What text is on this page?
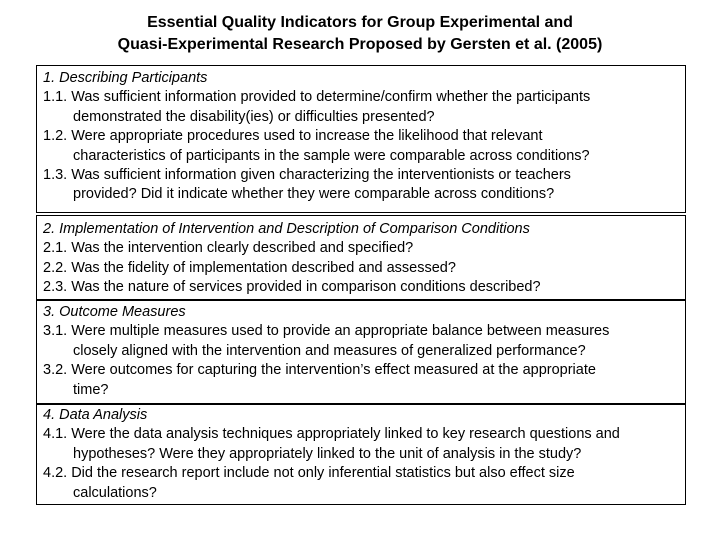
Essential Quality Indicators for Group Experimental and
Quasi-Experimental Research Proposed by Gersten et al. (2005)
1. Describing Participants
1.1. Was sufficient information provided to determine/confirm whether the participants
demonstrated the disability(ies) or difficulties presented?
1.2. Were appropriate procedures used to increase the likelihood that relevant
characteristics of participants in the sample were comparable across conditions?
1.3. Was sufficient information given characterizing the interventionists or teachers
provided? Did it indicate whether they were comparable across conditions?
2. Implementation of Intervention and Description of Comparison Conditions
2.1. Was the intervention clearly described and specified?
2.2. Was the fidelity of implementation described and assessed?
2.3. Was the nature of services provided in comparison conditions described?
3. Outcome Measures
3.1. Were multiple measures used to provide an appropriate balance between measures
closely aligned with the intervention and measures of generalized performance?
3.2. Were outcomes for capturing the intervention’s effect measured at the appropriate
time?
4. Data Analysis
4.1. Were the data analysis techniques appropriately linked to key research questions and
hypotheses? Were they appropriately linked to the unit of analysis in the study?
4.2. Did the research report include not only inferential statistics but also effect size
calculations?
